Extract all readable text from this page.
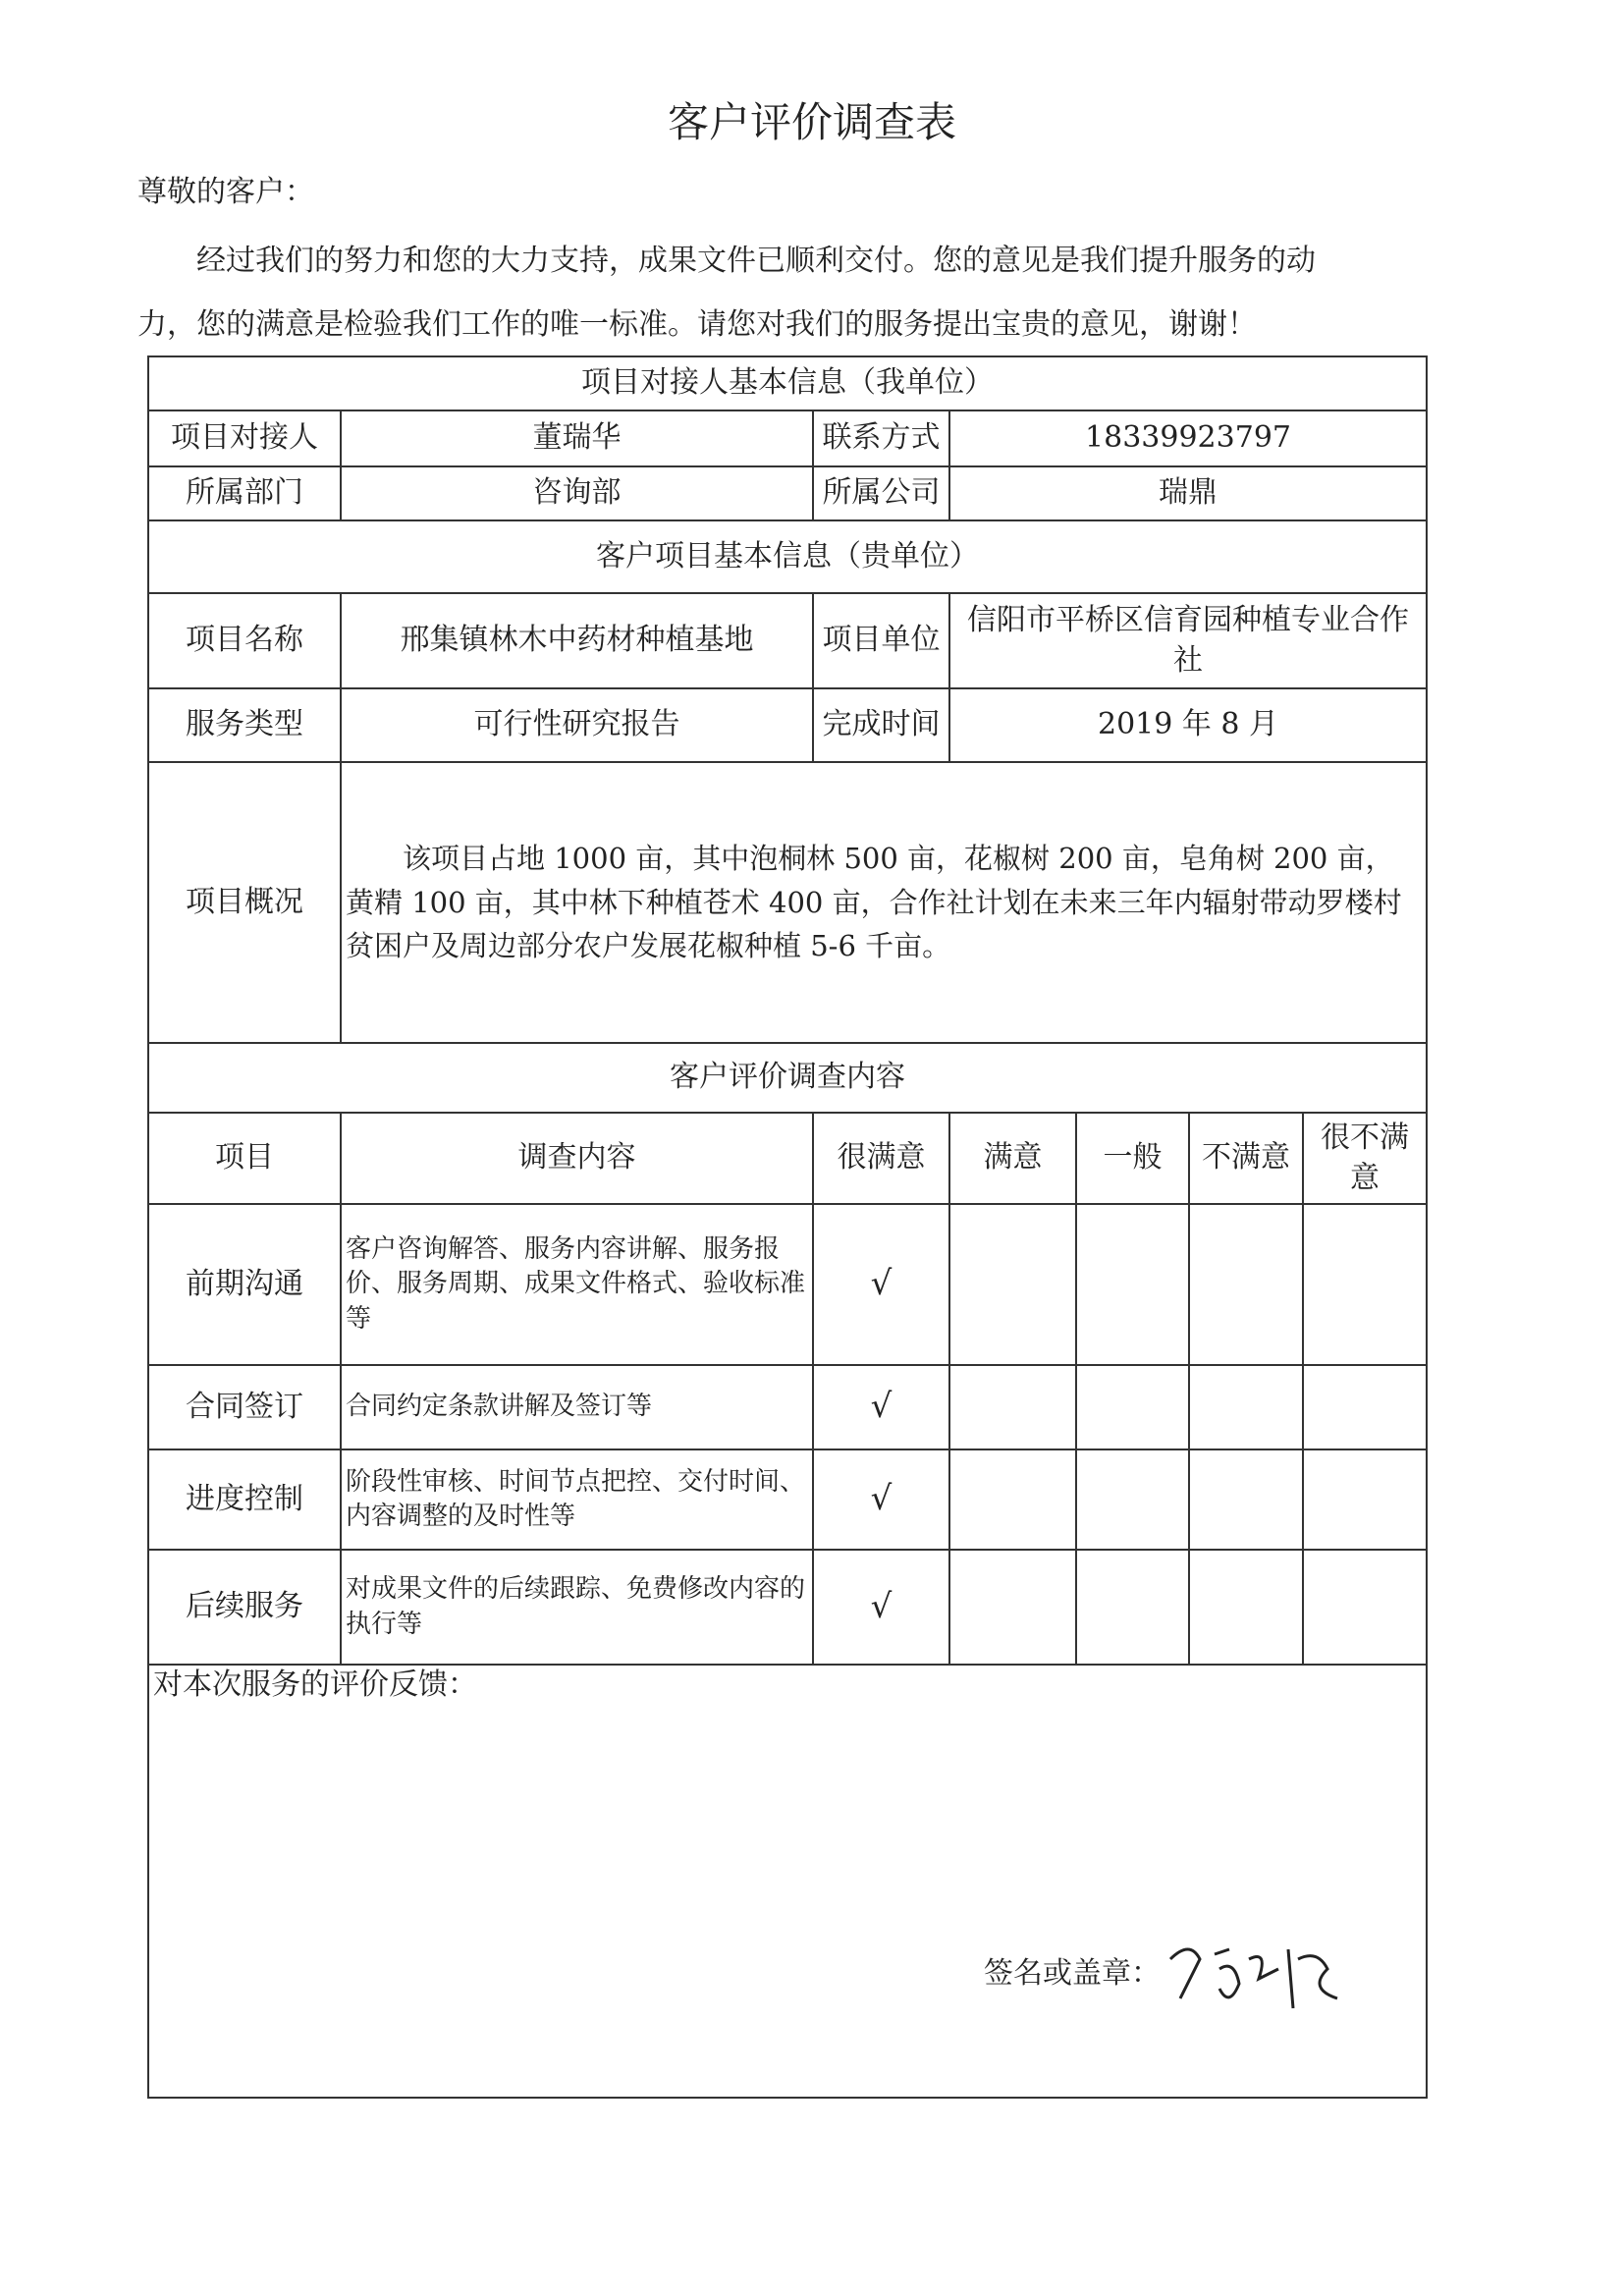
客户评价调查表
尊敬的客户：
经过我们的努力和您的大力支持，成果文件已顺利交付。您的意见是我们提升服务的动
力，您的满意是检验我们工作的唯一标准。请您对我们的服务提出宝贵的意见，谢谢！
项目对接人基本信息（我单位）						
项目对接人	董瑞华	联系方式	18339923797			
所属部门	咨询部	所属公司	瑞鼎			
客户项目基本信息（贵单位）						
项目名称	邢集镇林木中药材种植基地	项目单位	信阳市平桥区信育园种植专业合作社			
服务类型	可行性研究报告	完成时间	2019 年 8 月			
项目概况	该项目占地 1000 亩，其中泡桐林 500 亩，花椒树 200 亩，皂角树 200 亩，黄精 100 亩，其中林下种植苍术 400 亩，合作社计划在未来三年内辐射带动罗楼村贫困户及周边部分农户发展花椒种植 5-6 千亩。					
客户评价调查内容						
项目	调查内容	很满意	满意	一般	不满意	很不满意
前期沟通	客户咨询解答、服务内容讲解、服务报价、服务周期、成果文件格式、验收标准等	√				
合同签订	合同约定条款讲解及签订等	√				
进度控制	阶段性审核、时间节点把控、交付时间、内容调整的及时性等	√				
后续服务	对成果文件的后续跟踪、免费修改内容的执行等	√				

对本次服务的评价反馈：
签名或盖章：						
